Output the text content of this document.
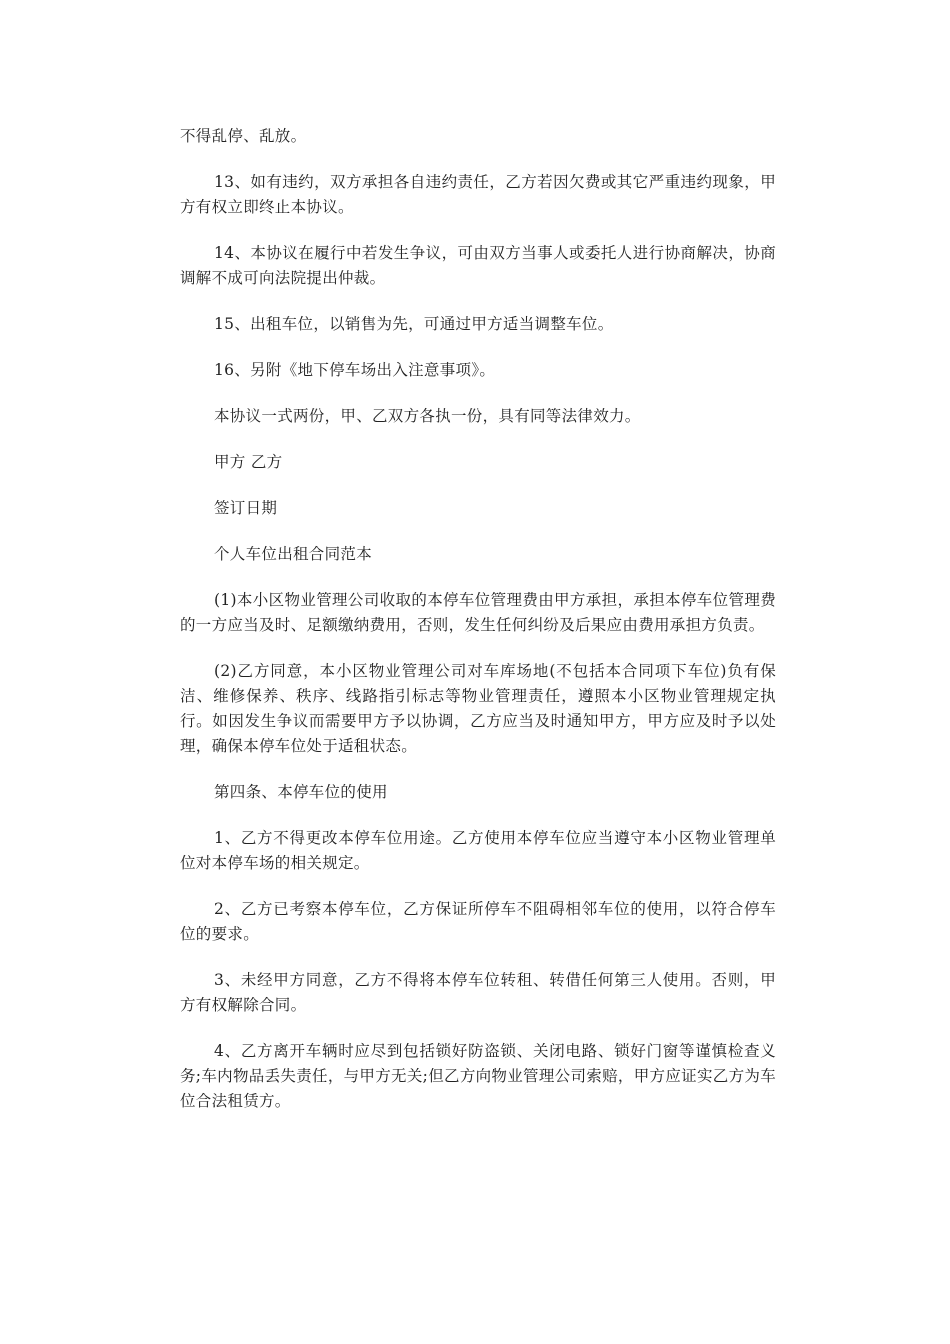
不得乱停、乱放。

13、如有违约，双方承担各自违约责任，乙方若因欠费或其它严重违约现象，甲方有权立即终止本协议。

14、本协议在履行中若发生争议，可由双方当事人或委托人进行协商解决，协商调解不成可向法院提出仲裁。

15、出租车位，以销售为先，可通过甲方适当调整车位。

16、另附《地下停车场出入注意事项》。

本协议一式两份，甲、乙双方各执一份，具有同等法律效力。

甲方 乙方

签订日期

个人车位出租合同范本

(1)本小区物业管理公司收取的本停车位管理费由甲方承担，承担本停车位管理费的一方应当及时、足额缴纳费用，否则，发生任何纠纷及后果应由费用承担方负责。

(2)乙方同意，本小区物业管理公司对车库场地(不包括本合同项下车位)负有保洁、维修保养、秩序、线路指引标志等物业管理责任，遵照本小区物业管理规定执行。如因发生争议而需要甲方予以协调，乙方应当及时通知甲方，甲方应及时予以处理，确保本停车位处于适租状态。

第四条、本停车位的使用

1、乙方不得更改本停车位用途。乙方使用本停车位应当遵守本小区物业管理单位对本停车场的相关规定。

2、乙方已考察本停车位，乙方保证所停车不阻碍相邻车位的使用，以符合停车位的要求。

3、未经甲方同意，乙方不得将本停车位转租、转借任何第三人使用。否则，甲方有权解除合同。

4、乙方离开车辆时应尽到包括锁好防盗锁、关闭电路、锁好门窗等谨慎检查义务;车内物品丢失责任，与甲方无关;但乙方向物业管理公司索赔，甲方应证实乙方为车位合法租赁方。
